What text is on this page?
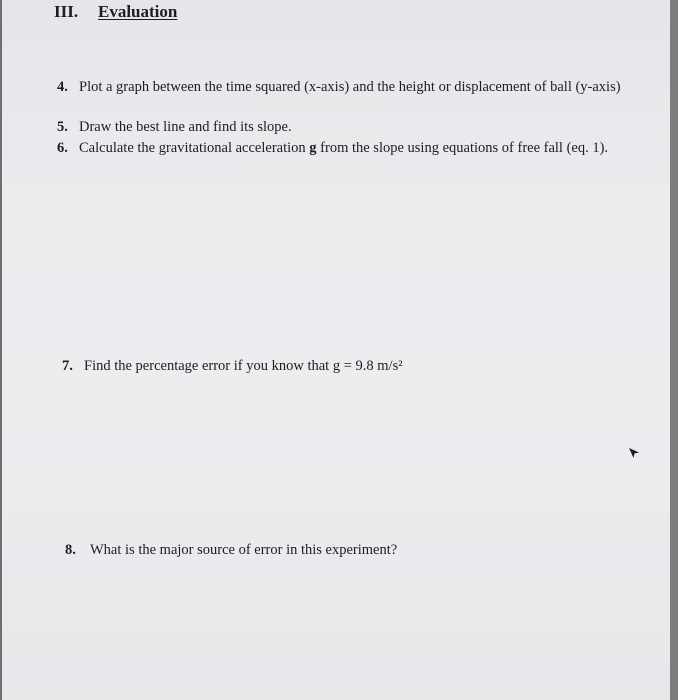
III. Evaluation
4. Plot a graph between the time squared (x-axis) and the height or displacement of ball (y-axis)
5. Draw the best line and find its slope.
6. Calculate the gravitational acceleration g from the slope using equations of free fall (eq. 1).
7. Find the percentage error if you know that g = 9.8 m/s²
8. What is the major source of error in this experiment?
